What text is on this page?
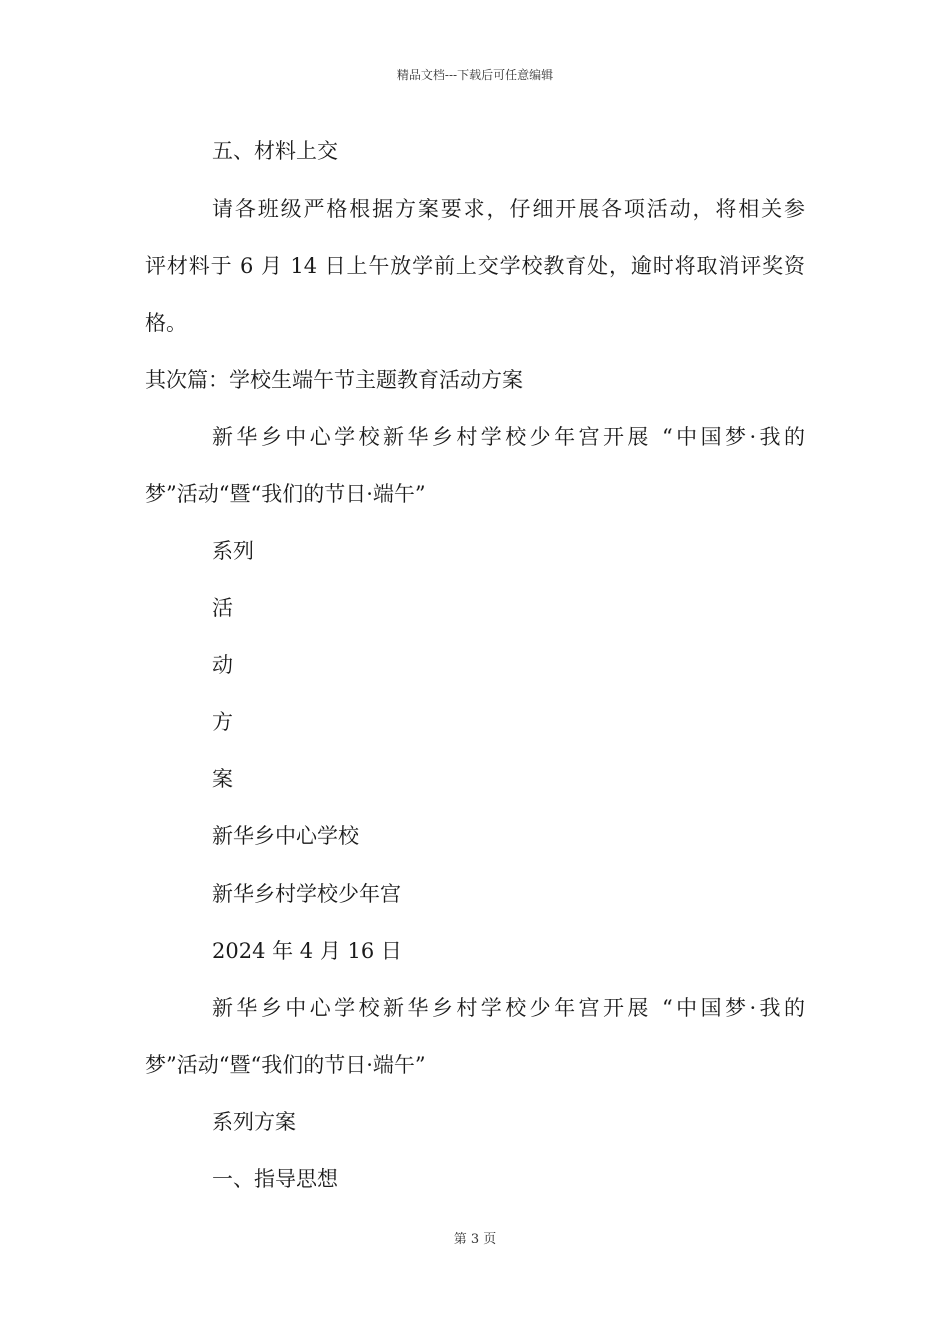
精品文档---下载后可任意编辑
五、材料上交
请各班级严格根据方案要求，仔细开展各项活动，将相关参
评材料于 6 月 14 日上午放学前上交学校教育处，逾时将取消评奖资
格。
其次篇：学校生端午节主题教育活动方案
新华乡中心学校新华乡村学校少年宫开展 “中国梦·我的
梦”活动“暨“我们的节日·端午”
系列
活
动
方
案
新华乡中心学校
新华乡村学校少年宫
2024 年 4 月 16 日
新华乡中心学校新华乡村学校少年宫开展 “中国梦·我的
梦”活动“暨“我们的节日·端午”
系列方案
一、指导思想
第 3 页
